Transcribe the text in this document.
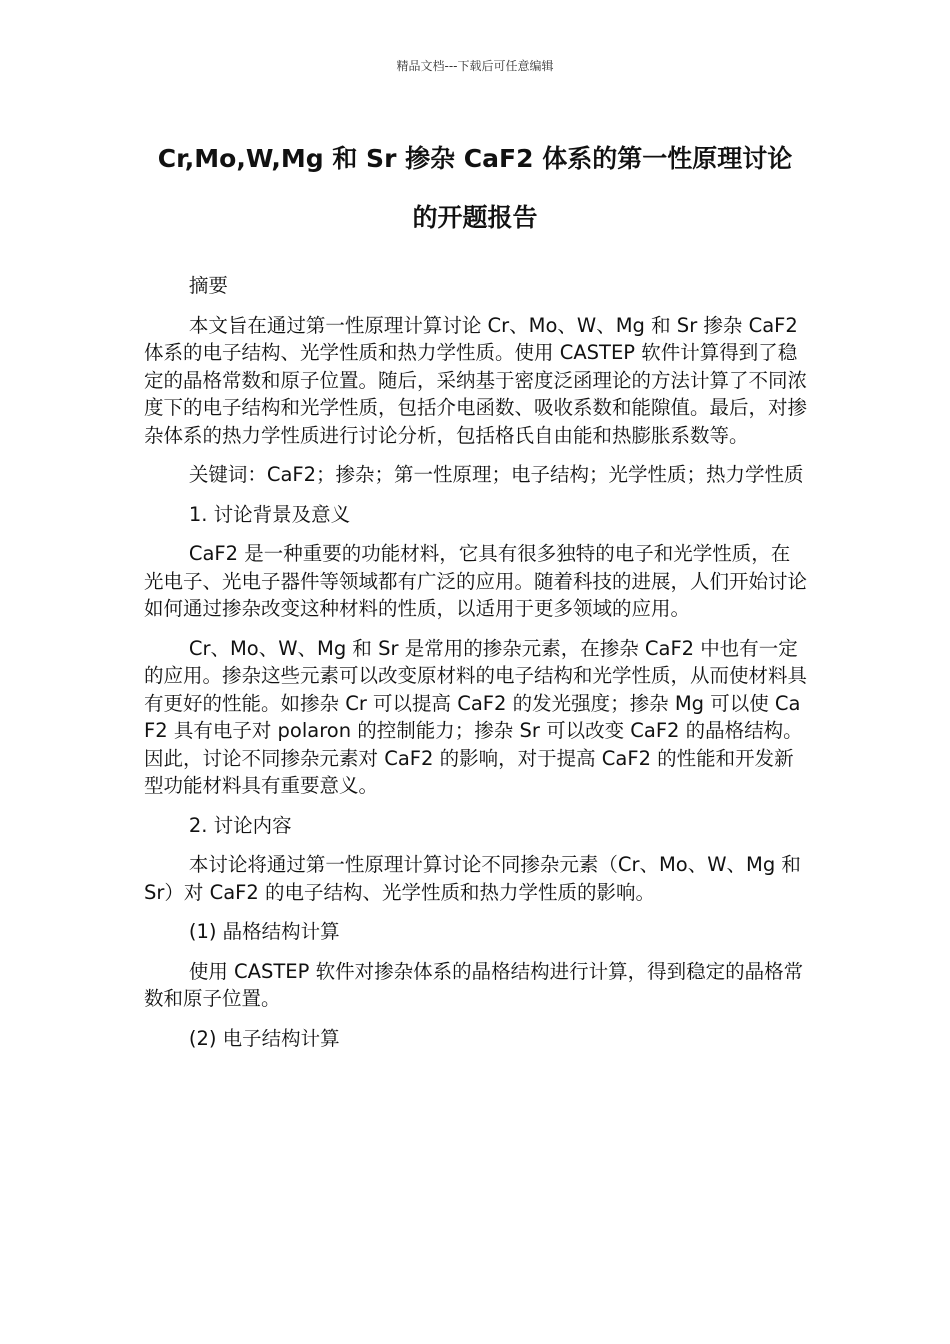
精品文档---下载后可任意编辑
Cr,Mo,W,Mg 和 Sr 掺杂 CaF2 体系的第一性原理讨论
的开题报告

摘要

本文旨在通过第一性原理计算讨论 Cr、Mo、W、Mg 和 Sr 掺杂 CaF2 体系的电子结构、光学性质和热力学性质。使用 CASTEP 软件计算得到了稳定的晶格常数和原子位置。随后，采纳基于密度泛函理论的方法计算了不同浓度下的电子结构和光学性质，包括介电函数、吸收系数和能隙值。最后，对掺杂体系的热力学性质进行讨论分析，包括格氏自由能和热膨胀系数等。

关键词：CaF2；掺杂；第一性原理；电子结构；光学性质；热力学性质

1. 讨论背景及意义

CaF2 是一种重要的功能材料，它具有很多独特的电子和光学性质，在光电子、光电子器件等领域都有广泛的应用。随着科技的进展，人们开始讨论如何通过掺杂改变这种材料的性质，以适用于更多领域的应用。

Cr、Mo、W、Mg 和 Sr 是常用的掺杂元素，在掺杂 CaF2 中也有一定的应用。掺杂这些元素可以改变原材料的电子结构和光学性质，从而使材料具有更好的性能。如掺杂 Cr 可以提高 CaF2 的发光强度；掺杂 Mg 可以使 CaF2 具有电子对 polaron 的控制能力；掺杂 Sr 可以改变 CaF2 的晶格结构。因此，讨论不同掺杂元素对 CaF2 的影响，对于提高 CaF2 的性能和开发新型功能材料具有重要意义。

2. 讨论内容

本讨论将通过第一性原理计算讨论不同掺杂元素（Cr、Mo、W、Mg 和 Sr）对 CaF2 的电子结构、光学性质和热力学性质的影响。

(1) 晶格结构计算

使用 CASTEP 软件对掺杂体系的晶格结构进行计算，得到稳定的晶格常数和原子位置。

(2) 电子结构计算
